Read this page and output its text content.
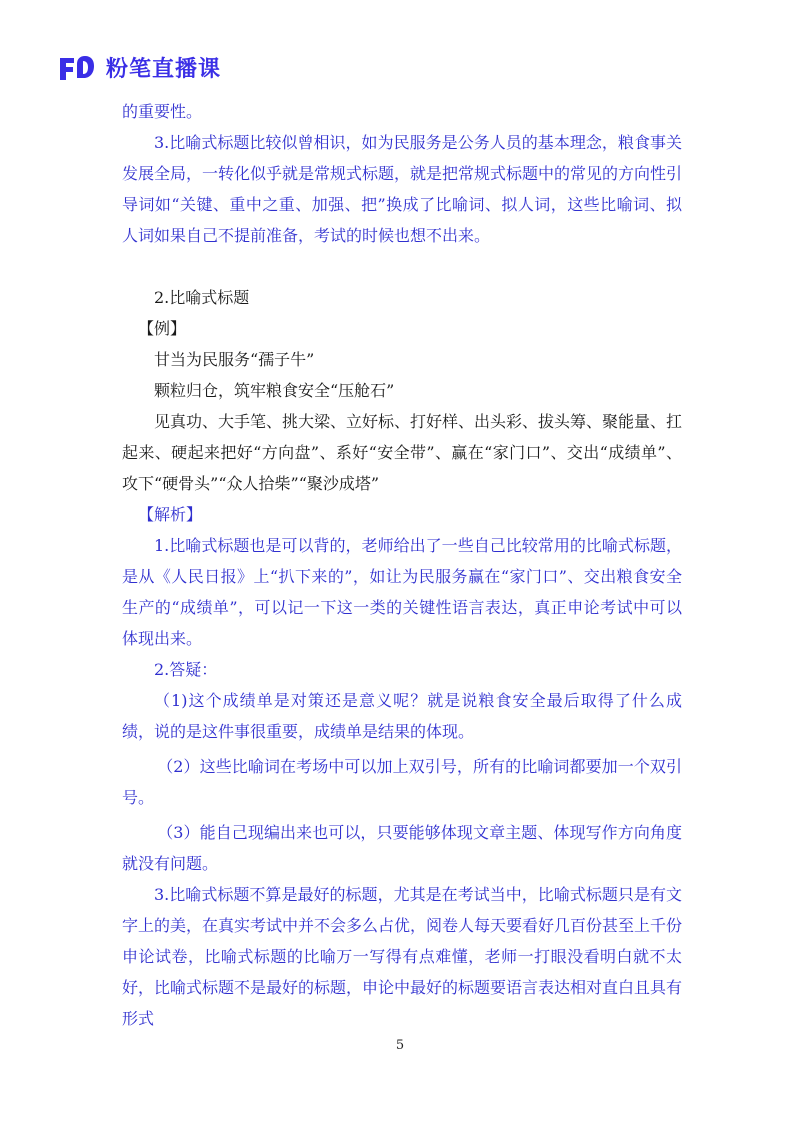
粉笔直播课

的重要性。

3.比喻式标题比较似曾相识，如为民服务是公务人员的基本理念，粮食事关发展全局，一转化似乎就是常规式标题，就是把常规式标题中的常见的方向性引导词如“关键、重中之重、加强、把”换成了比喻词、拟人词，这些比喻词、拟人词如果自己不提前准备，考试的时候也想不出来。

2.比喻式标题

【例】

甘当为民服务“孺子牛”

颗粒归仓，筑牢粮食安全“压舱石”

见真功、大手笔、挑大梁、立好标、打好样、出头彩、拔头筹、聚能量、扛起来、硬起来把好“方向盘”、系好“安全带”、赢在“家门口”、交出“成绩单”、攻下“硬骨头”“众人拾柴”“聚沙成塔”

【解析】

1.比喻式标题也是可以背的，老师给出了一些自己比较常用的比喻式标题，是从《人民日报》上“扒下来的”，如让为民服务赢在“家门口”、交出粮食安全生产的“成绩单”，可以记一下这一类的关键性语言表达，真正申论考试中可以体现出来。

2.答疑：

（1)这个成绩单是对策还是意义呢？就是说粮食安全最后取得了什么成绩，说的是这件事很重要，成绩单是结果的体现。

（2）这些比喻词在考场中可以加上双引号，所有的比喻词都要加一个双引号。

（3）能自己现编出来也可以，只要能够体现文章主题、体现写作方向角度就没有问题。

3.比喻式标题不算是最好的标题，尤其是在考试当中，比喻式标题只是有文字上的美，在真实考试中并不会多么占优，阅卷人每天要看好几百份甚至上千份申论试卷，比喻式标题的比喻万一写得有点难懂，老师一打眼没看明白就不太好，比喻式标题不是最好的标题，申论中最好的标题要语言表达相对直白且具有形式

5
